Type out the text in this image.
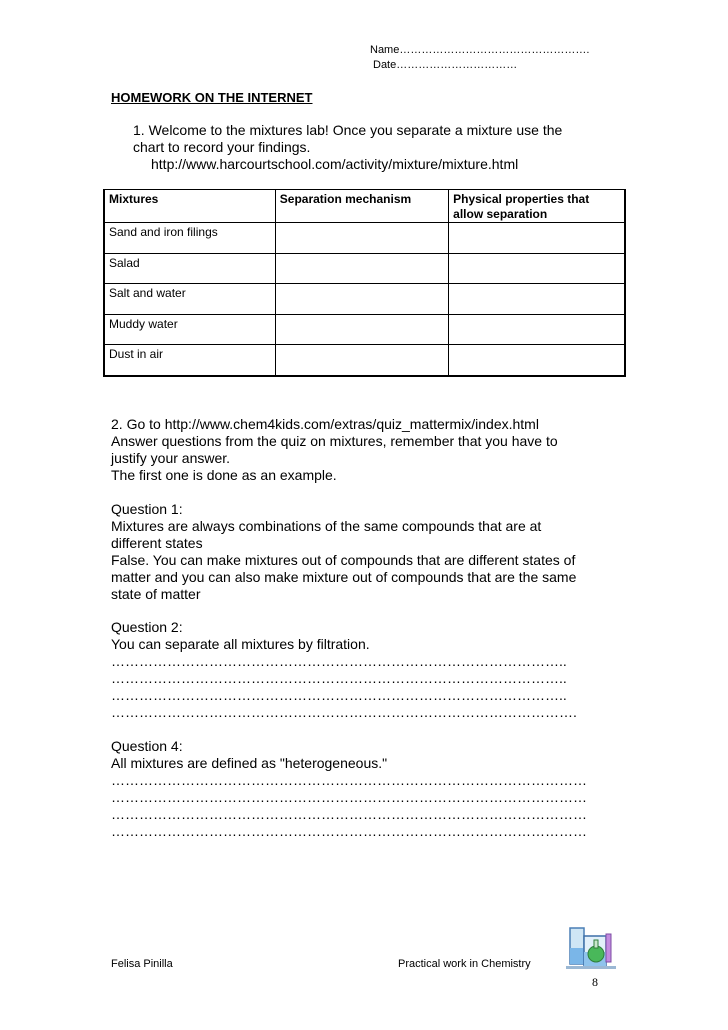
Name…………………………………………….
Date……………………………
HOMEWORK ON THE INTERNET
1. Welcome to the mixtures lab! Once you separate a mixture use the
chart to record your findings.
http://www.harcourtschool.com/activity/mixture/mixture.html
Mixtures	Separation mechanism	Physical properties that allow separation
Sand and iron filings		
Salad		
Salt and water		
Muddy water		
Dust in air		
2. Go to http://www.chem4kids.com/extras/quiz_mattermix/index.html
Answer questions from the quiz on mixtures, remember that you have to
justify your answer.
The first one is done as an example.
Question 1:
Mixtures are always combinations of the same compounds that are at
different states
False. You can make mixtures out of compounds that are different states of
matter and you can also make mixture out of compounds that are the same
state of matter
Question 2:
You can separate all mixtures by filtration.
……………………………………………………………………………………..
……………………………………………………………………………………..
……………………………………………………………………………………..
……………………………………………………………………………………….
Question 4:
All mixtures are defined as "heterogeneous."
…………………………………………………………………………………………
…………………………………………………………………………………………
…………………………………………………………………………………………
…………………………………………………………………………………………
Felisa Pinilla	Practical work in Chemistry
8
